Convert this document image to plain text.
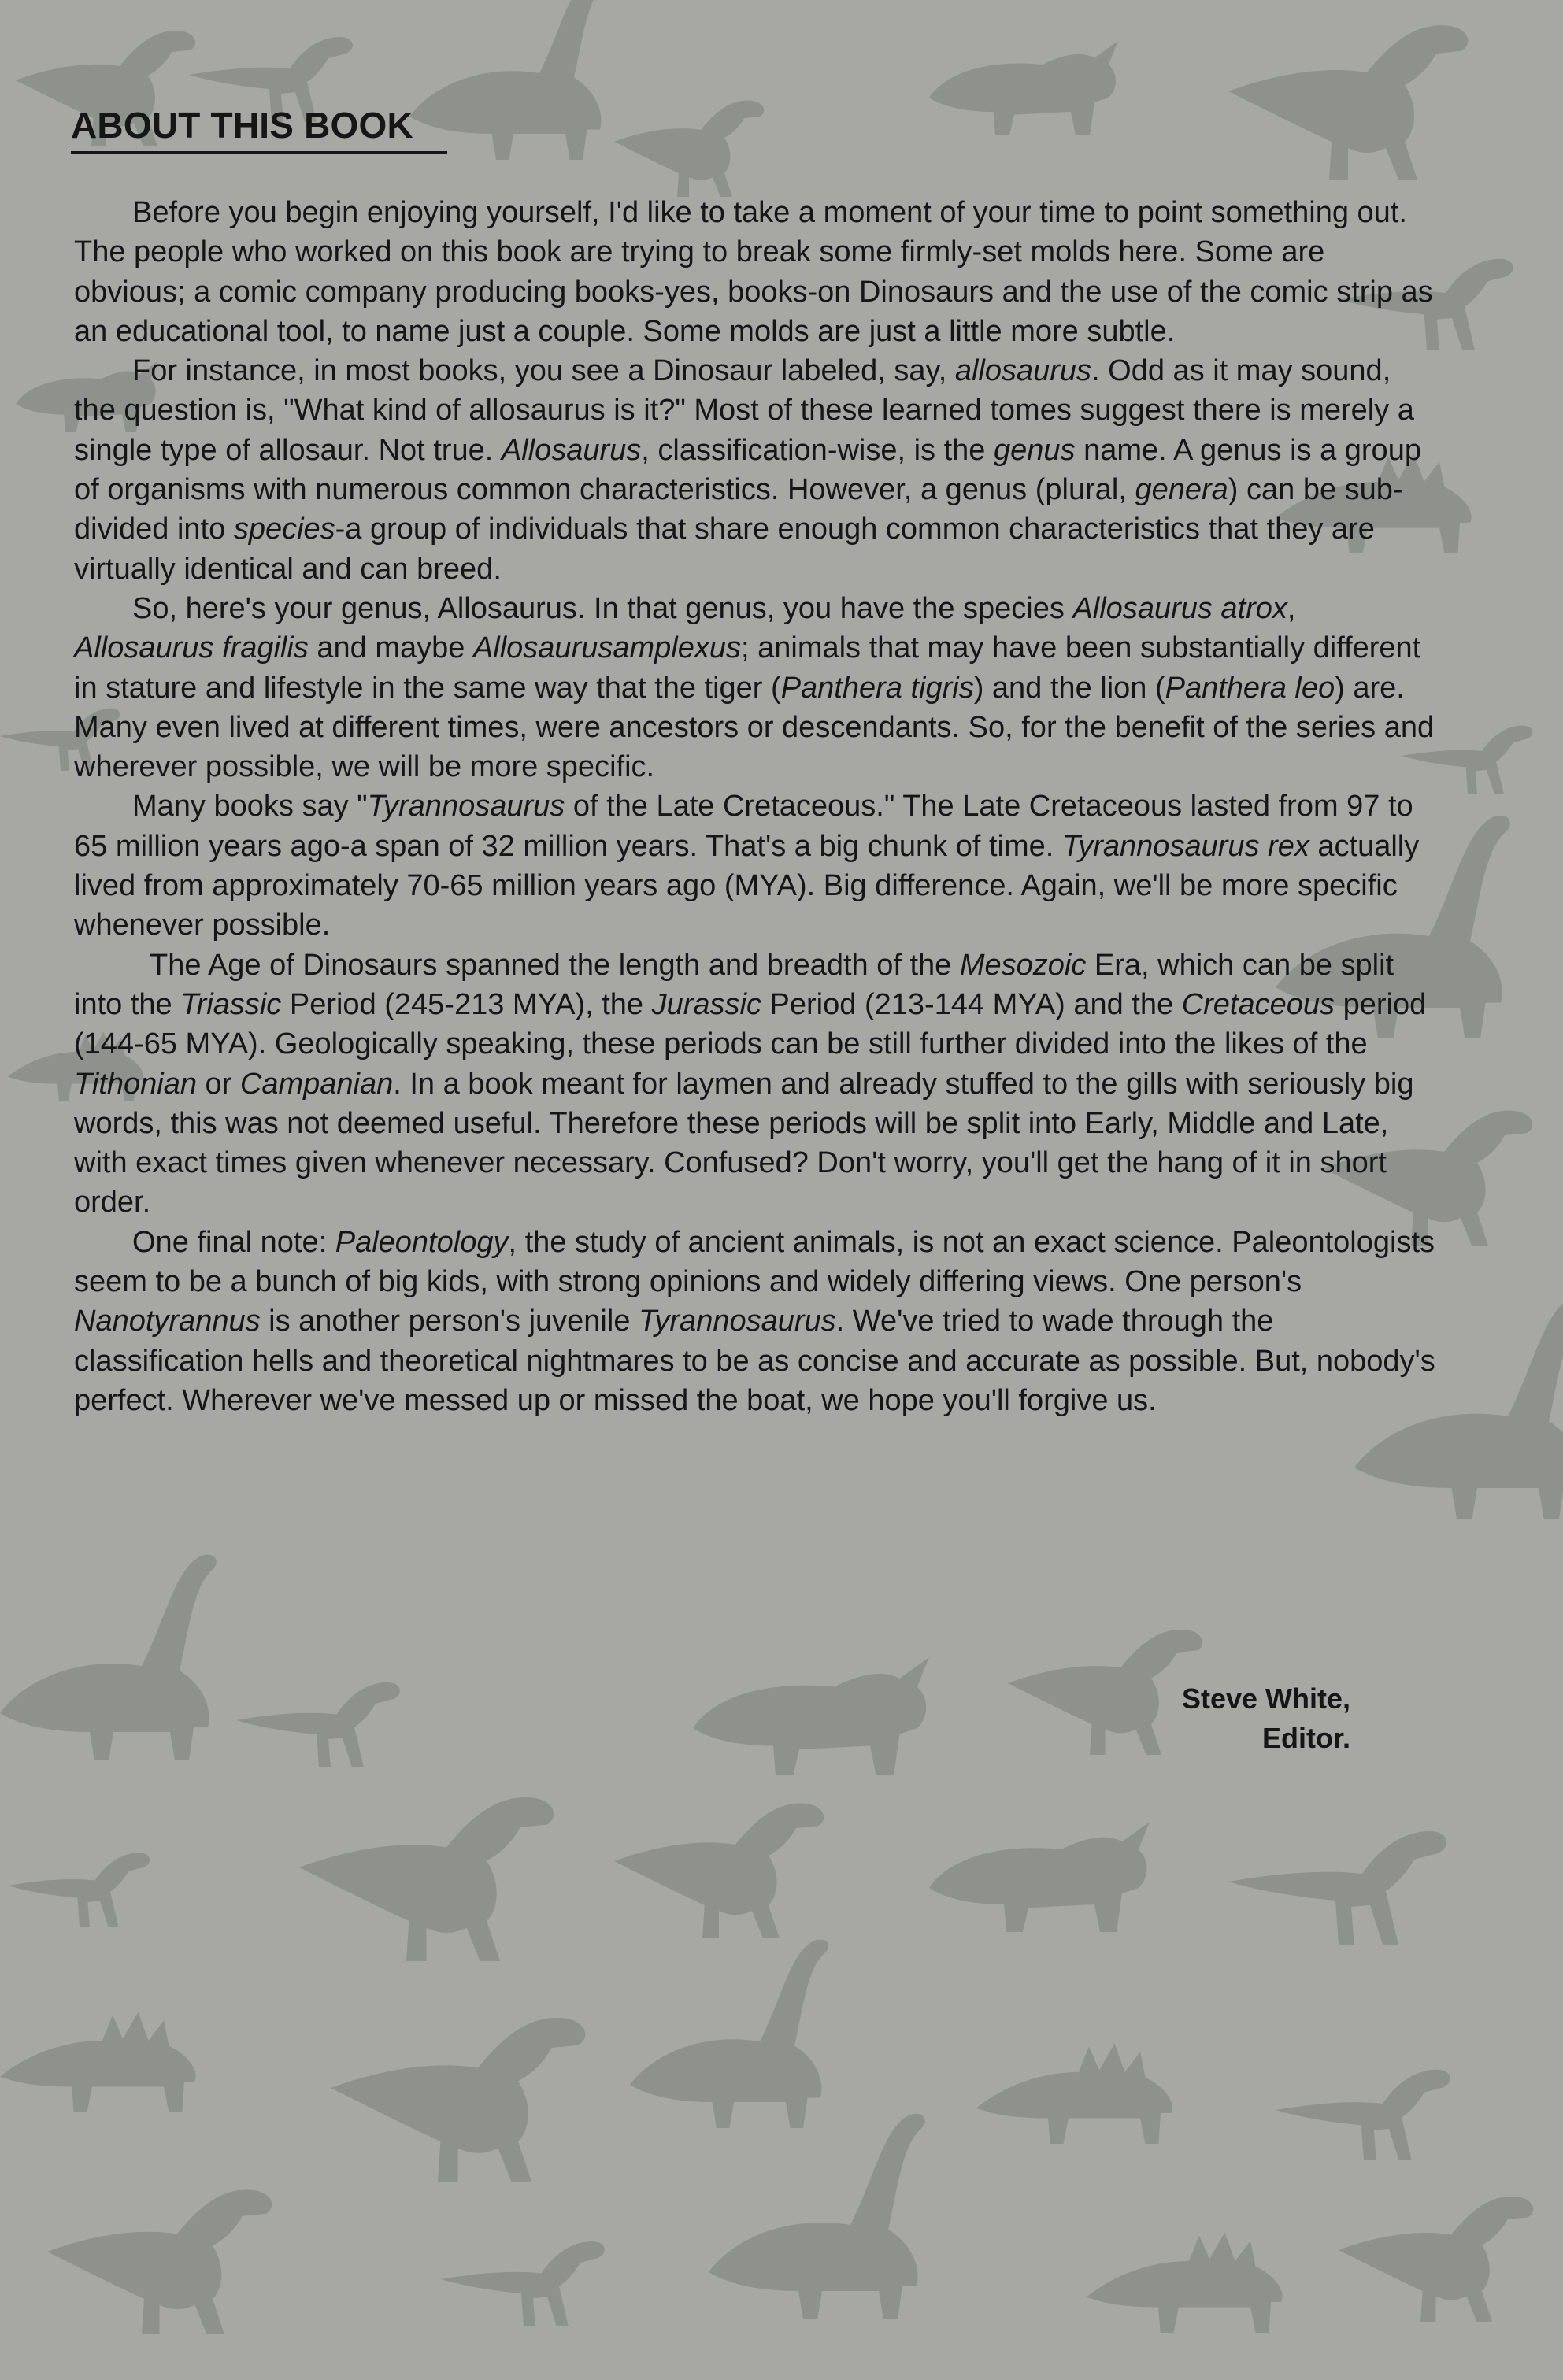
ABOUT THIS BOOK

Before you begin enjoying yourself, I'd like to take a moment of your time to point something out. The people who worked on this book are trying to break some firmly-set molds here. Some are obvious; a comic company producing books-yes, books-on Dinosaurs and the use of the comic strip as an educational tool, to name just a couple. Some molds are just a little more subtle.

For instance, in most books, you see a Dinosaur labeled, say, allosaurus. Odd as it may sound, the question is, "What kind of allosaurus is it?" Most of these learned tomes suggest there is merely a single type of allosaur. Not true. Allosaurus, classification-wise, is the genus name. A genus is a group of organisms with numerous common characteristics. However, a genus (plural, genera) can be sub-divided into species-a group of individuals that share enough common characteristics that they are virtually identical and can breed.

So, here's your genus, Allosaurus. In that genus, you have the species Allosaurus atrox, Allosaurus fragilis and maybe Allosaurusamplexus; animals that may have been substantially different in stature and lifestyle in the same way that the tiger (Panthera tigris) and the lion (Panthera leo) are. Many even lived at different times, were ancestors or descendants. So, for the benefit of the series and wherever possible, we will be more specific.

Many books say "Tyrannosaurus of the Late Cretaceous." The Late Cretaceous lasted from 97 to 65 million years ago-a span of 32 million years. That's a big chunk of time. Tyrannosaurus rex actually lived from approximately 70-65 million years ago (MYA). Big difference. Again, we'll be more specific whenever possible.

The Age of Dinosaurs spanned the length and breadth of the Mesozoic Era, which can be split into the Triassic Period (245-213 MYA), the Jurassic Period (213-144 MYA) and the Cretaceous period (144-65 MYA). Geologically speaking, these periods can be still further divided into the likes of the Tithonian or Campanian. In a book meant for laymen and already stuffed to the gills with seriously big words, this was not deemed useful. Therefore these periods will be split into Early, Middle and Late, with exact times given whenever necessary. Confused? Don't worry, you'll get the hang of it in short order.

One final note: Paleontology, the study of ancient animals, is not an exact science. Paleontologists seem to be a bunch of big kids, with strong opinions and widely differing views. One person's Nanotyrannus is another person's juvenile Tyrannosaurus. We've tried to wade through the classification hells and theoretical nightmares to be as concise and accurate as possible. But, nobody's perfect. Wherever we've messed up or missed the boat, we hope you'll forgive us.

Steve White,
Editor.
